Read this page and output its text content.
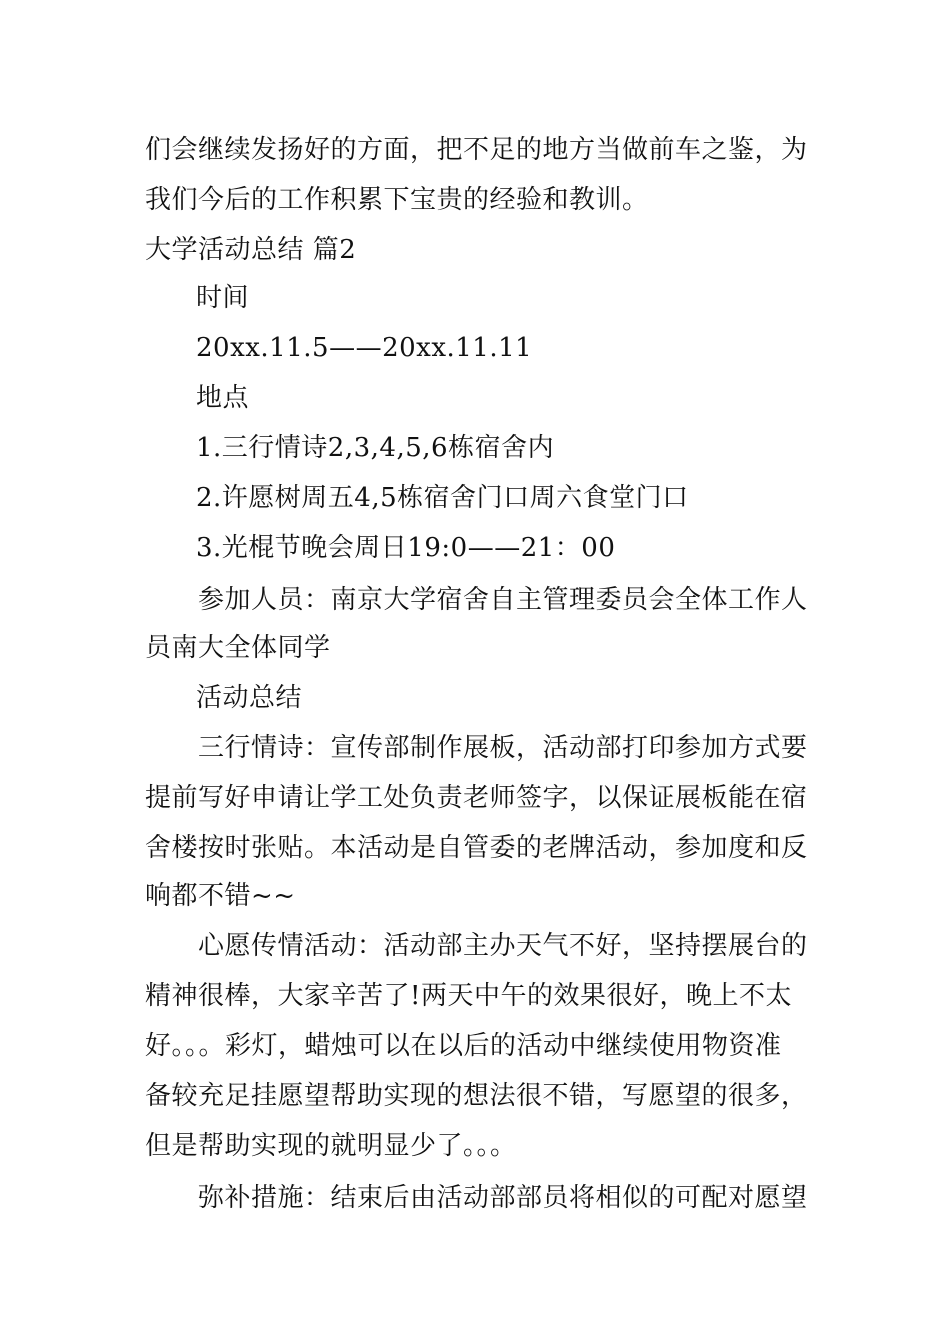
们会继续发扬好的方面，把不足的地方当做前车之鉴，为
我们今后的工作积累下宝贵的经验和教训。
大学活动总结 篇2
时间
20xx.11.5——20xx.11.11
地点
1.三行情诗2,3,4,5,6栋宿舍内
2.许愿树周五4,5栋宿舍门口周六食堂门口
3.光棍节晚会周日19:0——21：00
参加人员：南京大学宿舍自主管理委员会全体工作人
员南大全体同学
活动总结
三行情诗：宣传部制作展板，活动部打印参加方式要
提前写好申请让学工处负责老师签字，以保证展板能在宿
舍楼按时张贴。本活动是自管委的老牌活动，参加度和反
响都不错~~
心愿传情活动：活动部主办天气不好，坚持摆展台的
精神很棒，大家辛苦了!两天中午的效果很好，晚上不太
好。。。彩灯，蜡烛可以在以后的活动中继续使用物资准
备较充足挂愿望帮助实现的想法很不错，写愿望的很多，
但是帮助实现的就明显少了。。。
弥补措施：结束后由活动部部员将相似的可配对愿望
